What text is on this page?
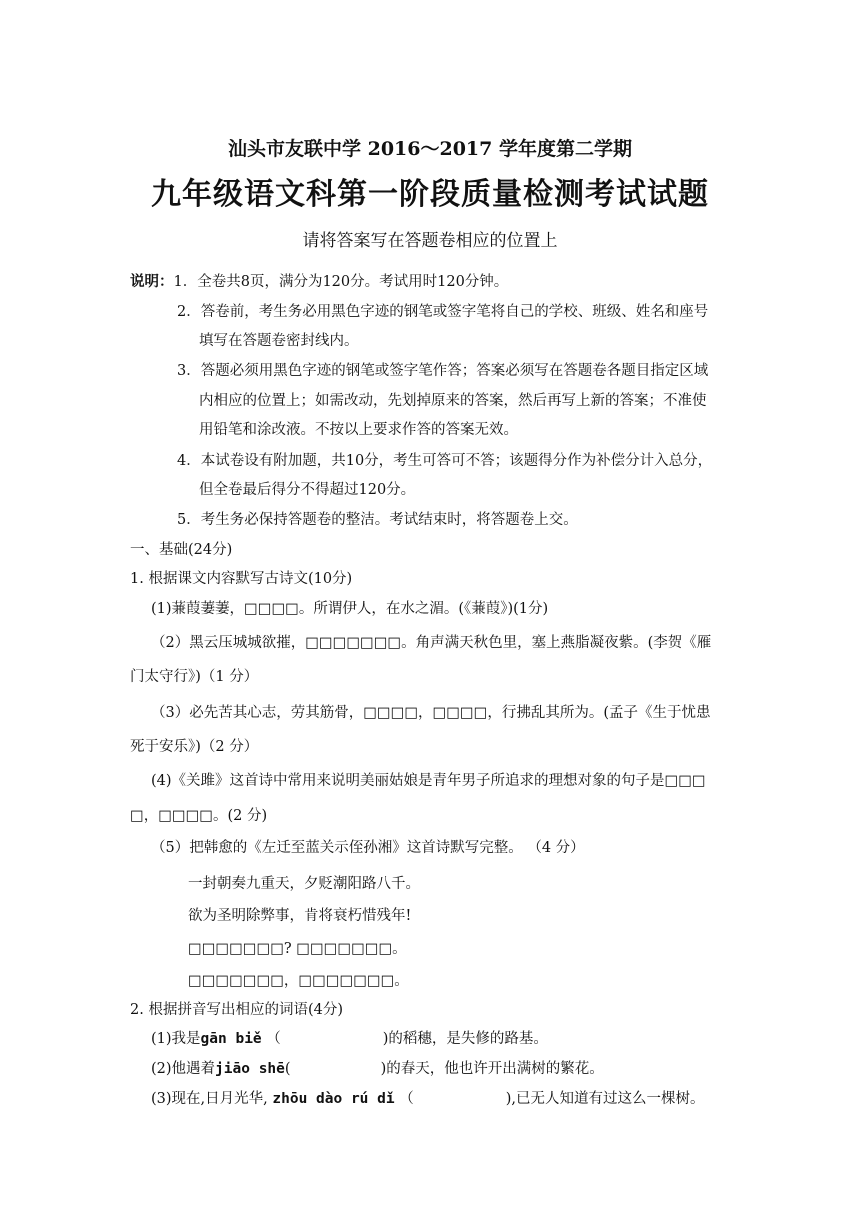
汕头市友联中学 2016～2017 学年度第二学期
九年级语文科第一阶段质量检测考试试题
请将答案写在答题卷相应的位置上
说明：1．全卷共8页，满分为120分。考试用时120分钟。
2．答卷前，考生务必用黑色字迹的钢笔或签字笔将自己的学校、班级、姓名和座号
填写在答题卷密封线内。
3．答题必须用黑色字迹的钢笔或签字笔作答；答案必须写在答题卷各题目指定区域
内相应的位置上；如需改动，先划掉原来的答案，然后再写上新的答案；不准使
用铅笔和涂改液。不按以上要求作答的答案无效。
4．本试卷设有附加题，共10分，考生可答可不答；该题得分作为补偿分计入总分，
但全卷最后得分不得超过120分。
5．考生务必保持答题卷的整洁。考试结束时，将答题卷上交。
一、基础(24分)
1. 根据课文内容默写古诗文(10分)
(1)蒹葭萋萋，□□□□。所谓伊人，在水之湄。(《蒹葭》)(1分)
（2）黑云压城城欲摧，□□□□□□□。角声满天秋色里，塞上燕脂凝夜紫。(李贺《雁
门太守行》)（1 分）
（3）必先苦其心志，劳其筋骨，□□□□，□□□□，行拂乱其所为。(孟子《生于忧患
死于安乐》)（2 分）
(4)《关雎》这首诗中常用来说明美丽姑娘是青年男子所追求的理想对象的句子是□□□
□，□□□□。(2 分)
（5）把韩愈的《左迁至蓝关示侄孙湘》这首诗默写完整。 （4 分）
一封朝奏九重天，夕贬潮阳路八千。
欲为圣明除弊事，肯将衰朽惜残年!
□□□□□□□? □□□□□□□。
□□□□□□□，□□□□□□□。
2. 根据拼音写出相应的词语(4分)
(1)我是gān biě （	)的稻穗，是失修的路基。
(2)他遇着jiāo shē(	)的春天，他也许开出满树的繁花。
(3)现在,日月光华, zhōu dào rú dǐ （	),已无人知道有过这么一棵树。
